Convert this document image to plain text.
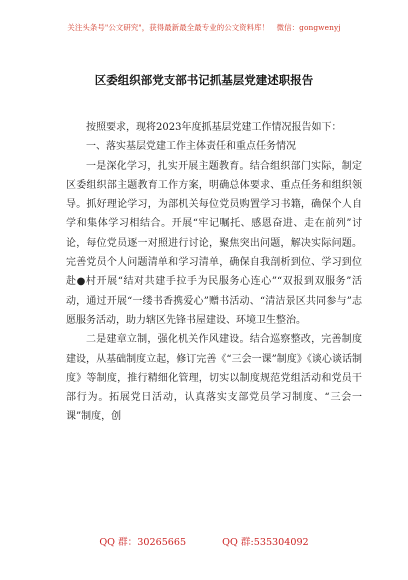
关注头条号"公文研究"，获得最新最全最专业的公文资料库！　微信：gongwenyj
区委组织部党支部书记抓基层党建述职报告

按照要求，现将2023年度抓基层党建工作情况报告如下：

一、落实基层党建工作主体责任和重点任务情况

一是深化学习，扎实开展主题教育。结合组织部门实际，制定区委组织部主题教育工作方案，明确总体要求、重点任务和组织领导。抓好理论学习，为部机关每位党员购置学习书籍，确保个人自学和集体学习相结合。开展“牢记嘱托、感恩奋进、走在前列”讨论，每位党员逐一对照进行讨论，聚焦突出问题，解决实际问题。完善党员个人问题清单和学习清单，确保自我剖析到位、学习到位赴●村开展“结对共建手拉手为民服务心连心”“双报到双服务”活动，通过开展“一缕书香携爱心”赠书活动、“清洁景区共同参与”志愿服务活动，助力辖区先锋书屋建设、环境卫生整治。

二是建章立制，强化机关作风建设。结合巡察整改，完善制度建设，从基础制度立起，修订完善《“三会一课”制度》《谈心谈话制度》等制度，推行精细化管理，切实以制度规范党组活动和党员干部行为。拓展党日活动，认真落实支部党员学习制度、“三会一课”制度，创

QQ 群：30265665	QQ 群:535304092
